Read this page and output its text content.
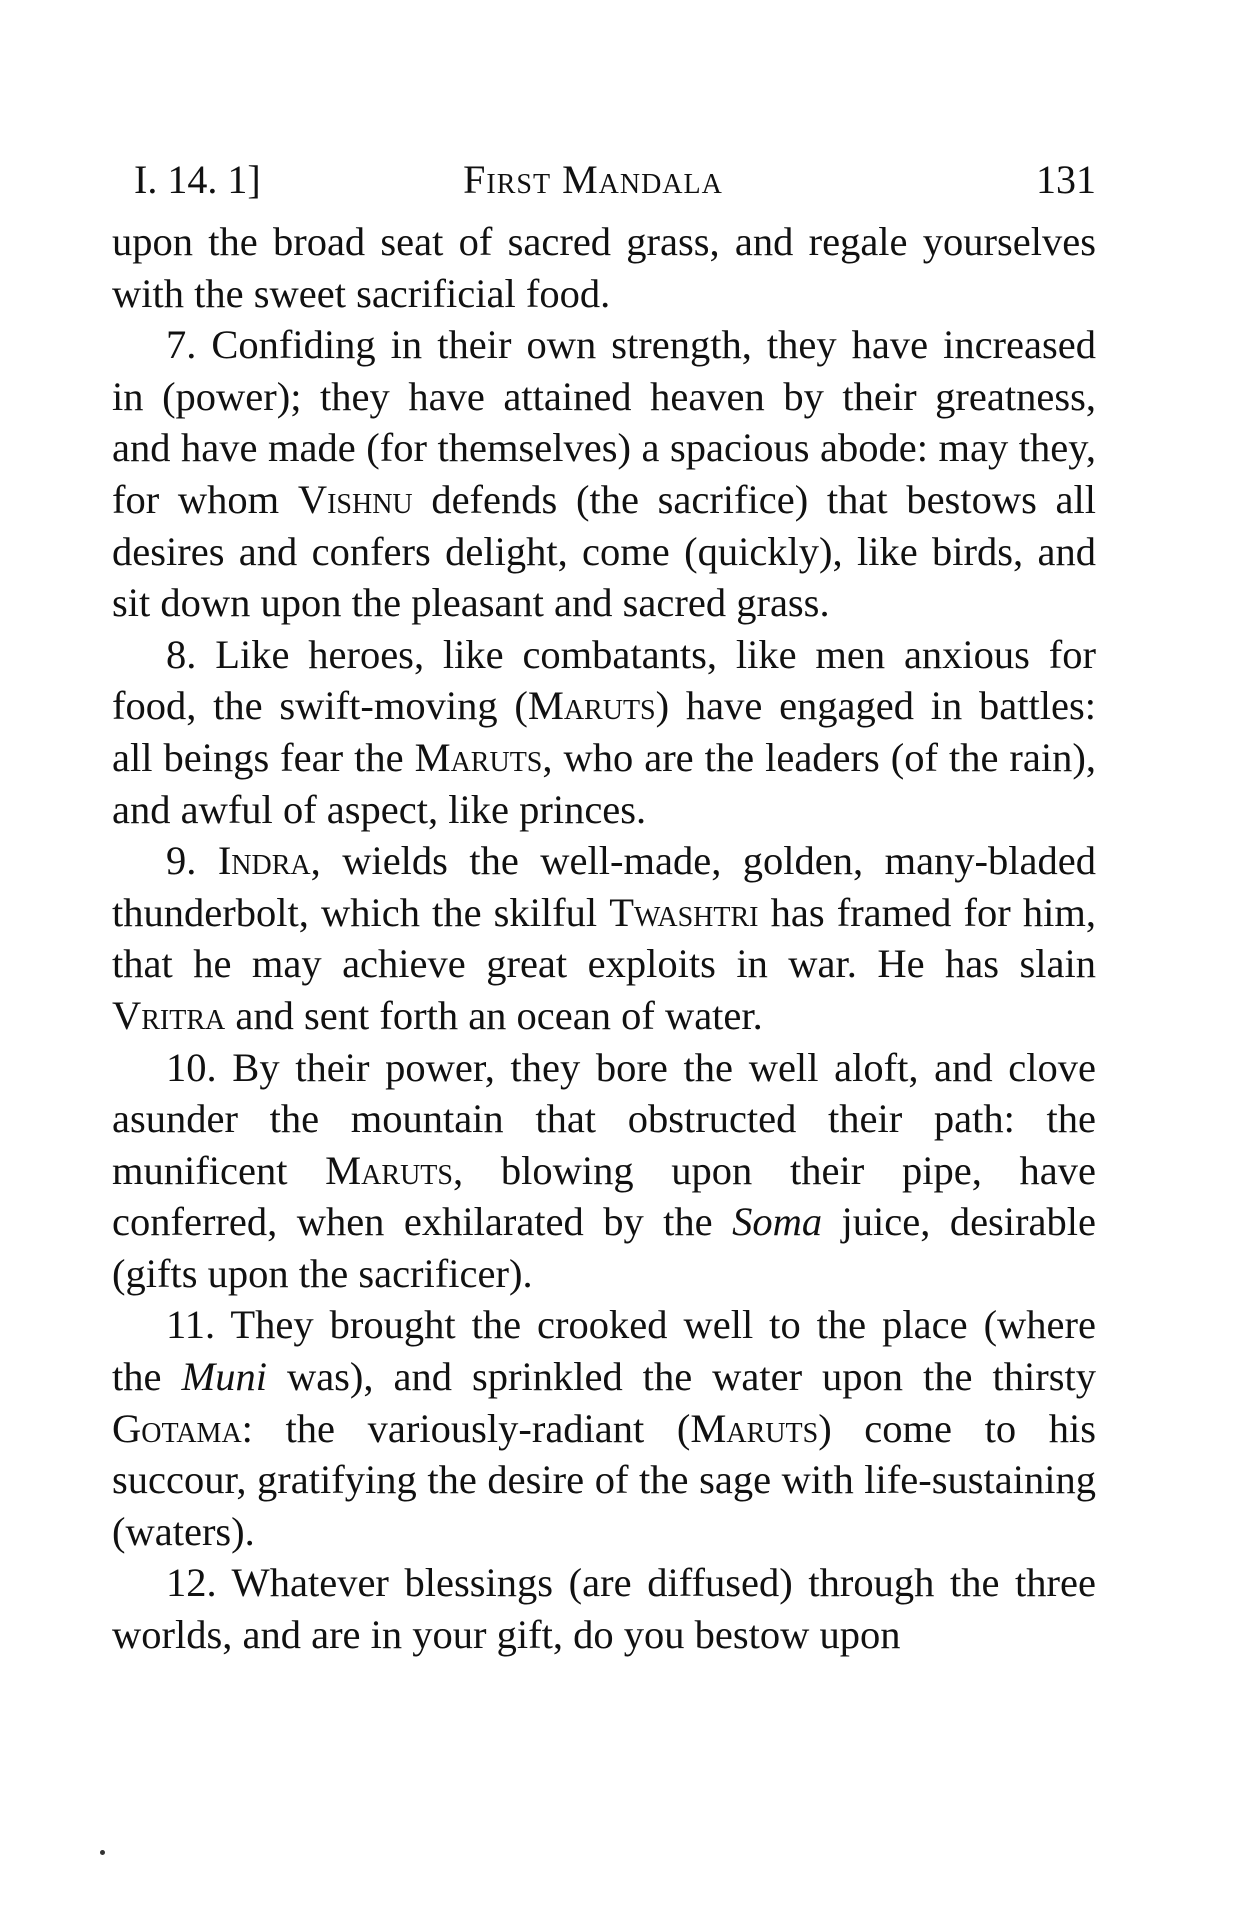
I. 14. 1]	First Mandala	131

upon the broad seat of sacred grass, and regale yourselves with the sweet sacrificial food.

7. Confiding in their own strength, they have increased in (power); they have attained heaven by their greatness, and have made (for themselves) a spacious abode: may they, for whom Vishnu defends (the sacrifice) that bestows all desires and confers delight, come (quickly), like birds, and sit down upon the pleasant and sacred grass.

8. Like heroes, like combatants, like men anxious for food, the swift-moving (Maruts) have engaged in battles: all beings fear the Maruts, who are the leaders (of the rain), and awful of aspect, like princes.

9. Indra, wields the well-made, golden, many-bladed thunderbolt, which the skilful Twashtri has framed for him, that he may achieve great exploits in war. He has slain Vritra and sent forth an ocean of water.

10. By their power, they bore the well aloft, and clove asunder the mountain that obstructed their path: the munificent Maruts, blowing upon their pipe, have conferred, when exhilarated by the Soma juice, desirable (gifts upon the sacrificer).

11. They brought the crooked well to the place (where the Muni was), and sprinkled the water upon the thirsty Gotama: the variously-radiant (Maruts) come to his succour, gratifying the desire of the sage with life-sustaining (waters).

12. Whatever blessings (are diffused) through the three worlds, and are in your gift, do you bestow upon
